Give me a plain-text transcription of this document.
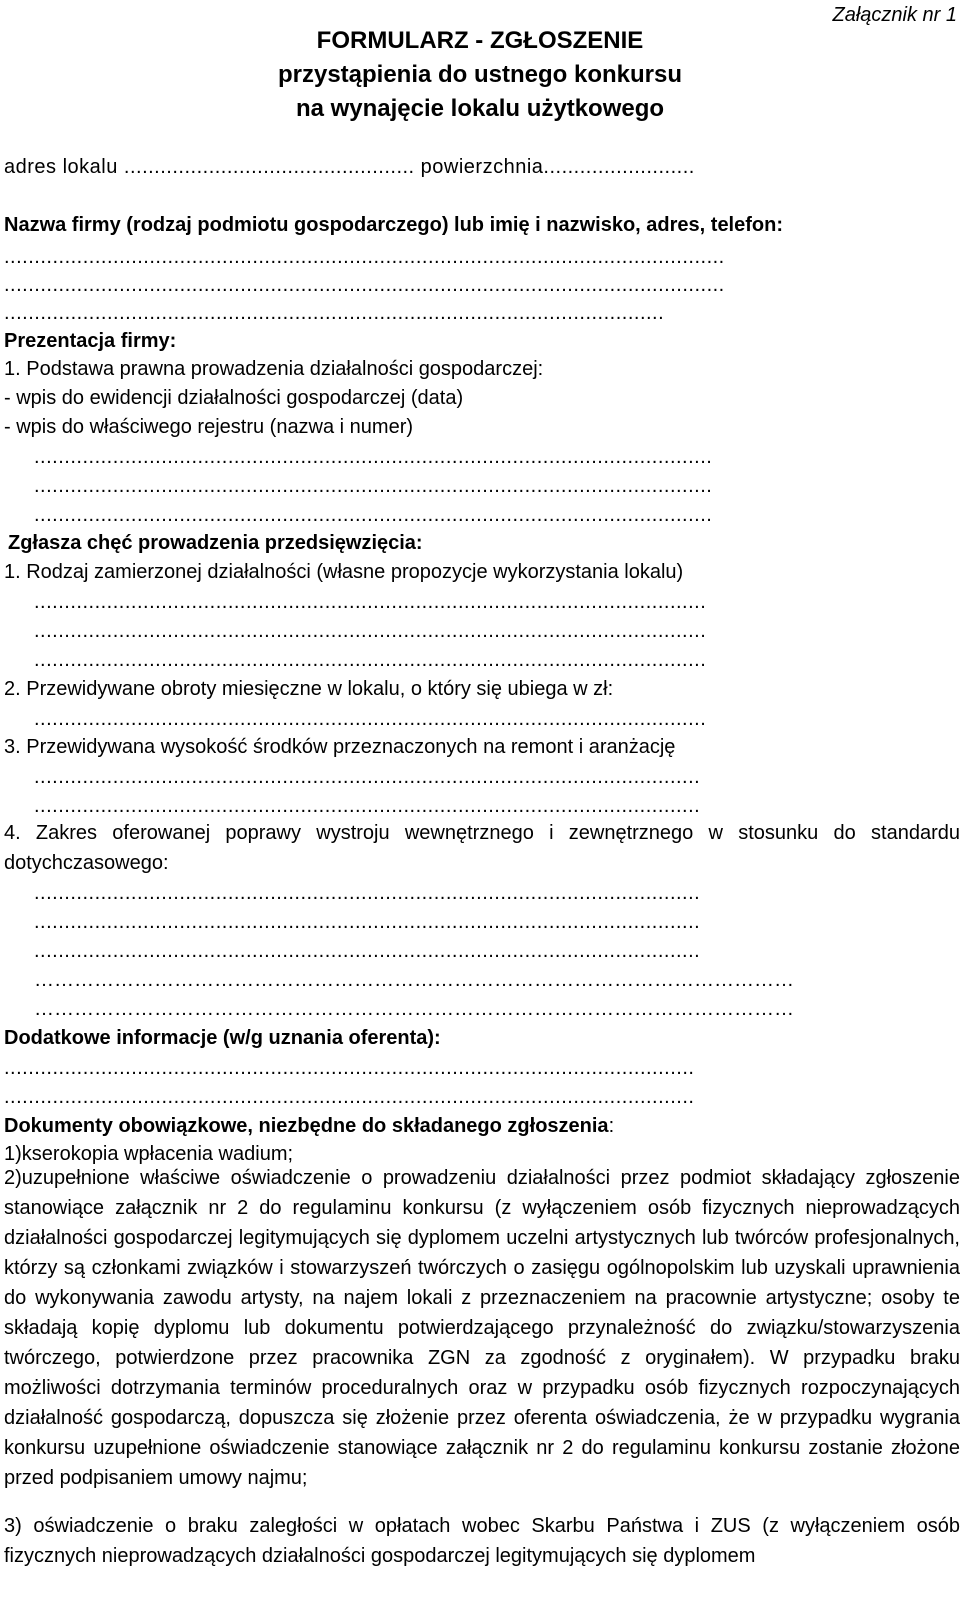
Załącznik nr 1
FORMULARZ - ZGŁOSZENIE
przystąpienia do ustnego konkursu
na wynajęcie lokalu użytkowego
adres lokalu ................................................ powierzchnia.........................
Nazwa firmy (rodzaj podmiotu gospodarczego) lub imię i nazwisko, adres, telefon:
.......................................................................................................................
.......................................................................................................................
.............................................................................................................
Prezentacja firmy:
1. Podstawa prawna prowadzenia działalności gospodarczej:
- wpis do ewidencji działalności gospodarczej (data)
- wpis do właściwego rejestru (nazwa i numer)
................................................................................................................
................................................................................................................
................................................................................................................
Zgłasza chęć prowadzenia przedsięwzięcia:
1. Rodzaj zamierzonej działalności (własne propozycje wykorzystania lokalu)
...............................................................................................................
...............................................................................................................
...............................................................................................................
2. Przewidywane obroty miesięczne w lokalu, o który się ubiega w zł:
...............................................................................................................
3. Przewidywana wysokość środków przeznaczonych na remont i aranżację
..............................................................................................................
..............................................................................................................
4. Zakres oferowanej poprawy wystroju wewnętrznego i zewnętrznego w stosunku do standardu dotychczasowego:
..............................................................................................................
..............................................................................................................
..............................................................................................................
……………………………………………………………………………………………………
……………………………………………………………………………………………………
Dodatkowe informacje (w/g uznania oferenta):
..................................................................................................................
..................................................................................................................
Dokumenty obowiązkowe, niezbędne do składanego zgłoszenia:
1)kserokopia wpłacenia wadium;
2)uzupełnione właściwe oświadczenie o prowadzeniu działalności przez podmiot składający zgłoszenie stanowiące załącznik nr 2 do regulaminu konkursu (z wyłączeniem osób fizycznych nieprowadzących działalności gospodarczej legitymujących się dyplomem uczelni artystycznych lub twórców profesjonalnych, którzy są członkami związków i stowarzyszeń twórczych o zasięgu ogólnopolskim lub uzyskali uprawnienia do wykonywania zawodu artysty, na najem lokali z przeznaczeniem na pracownie artystyczne; osoby te składają kopię dyplomu lub dokumentu potwierdzającego przynależność do związku/stowarzyszenia twórczego, potwierdzone przez pracownika ZGN za zgodność z oryginałem). W przypadku braku możliwości dotrzymania terminów proceduralnych oraz w przypadku osób fizycznych rozpoczynających działalność gospodarczą, dopuszcza się złożenie przez oferenta oświadczenia, że w przypadku wygrania konkursu uzupełnione oświadczenie stanowiące załącznik nr 2 do regulaminu konkursu zostanie złożone przed podpisaniem umowy najmu;
3) oświadczenie o braku zaległości w opłatach wobec Skarbu Państwa i ZUS (z wyłączeniem osób fizycznych nieprowadzących działalności gospodarczej legitymujących się dyplomem
